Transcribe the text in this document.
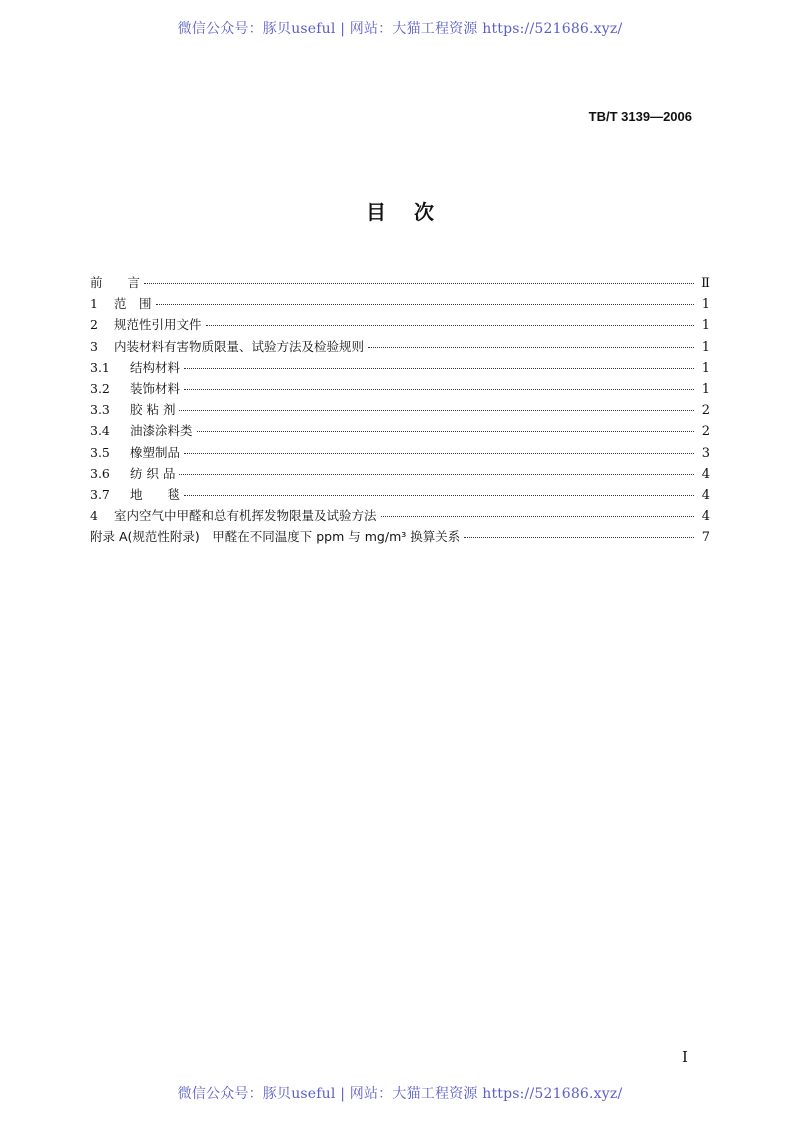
微信公众号：豚贝useful | 网站：大猫工程资源 https://521686.xyz/
TB/T 3139—2006
目次
前　　言	Ⅱ
1 范　围	1
2 规范性引用文件	1
3 内装材料有害物质限量、试验方法及检验规则	1
3.1 结构材料	1
3.2 装饰材料	1
3.3 胶 粘 剂	2
3.4 油漆涂料类	2
3.5 橡塑制品	3
3.6 纺 织 品	4
3.7 地　　毯	4
4 室内空气中甲醛和总有机挥发物限量及试验方法	4
附录 A(规范性附录)　甲醛在不同温度下 ppm 与 mg/m³ 换算关系	7
Ⅰ
微信公众号：豚贝useful | 网站：大猫工程资源 https://521686.xyz/
